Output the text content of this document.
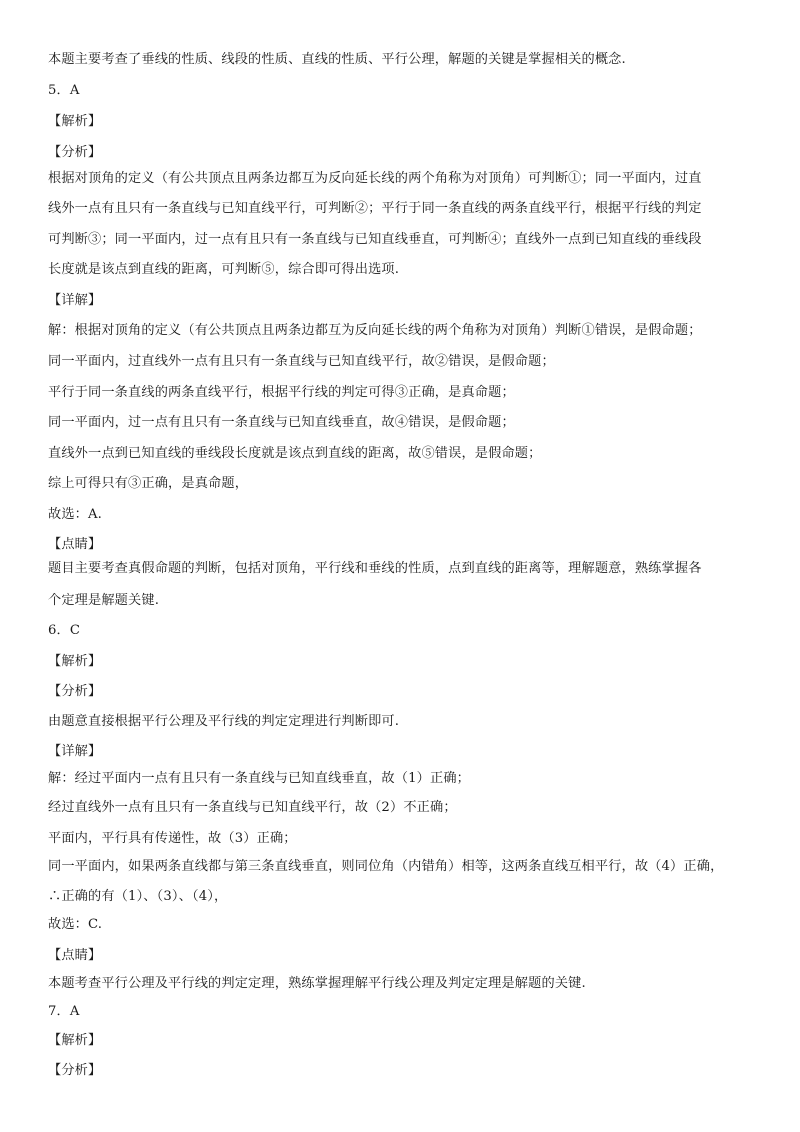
本题主要考查了垂线的性质、线段的性质、直线的性质、平行公理，解题的关键是掌握相关的概念.
5．A
【解析】
【分析】
根据对顶角的定义（有公共顶点且两条边都互为反向延长线的两个角称为对顶角）可判断①；同一平面内，过直
线外一点有且只有一条直线与已知直线平行，可判断②；平行于同一条直线的两条直线平行，根据平行线的判定
可判断③；同一平面内，过一点有且只有一条直线与已知直线垂直，可判断④；直线外一点到已知直线的垂线段
长度就是该点到直线的距离，可判断⑤，综合即可得出选项.
【详解】
解：根据对顶角的定义（有公共顶点且两条边都互为反向延长线的两个角称为对顶角）判断①错误，是假命题；
同一平面内，过直线外一点有且只有一条直线与已知直线平行，故②错误，是假命题；
平行于同一条直线的两条直线平行，根据平行线的判定可得③正确，是真命题；
同一平面内，过一点有且只有一条直线与已知直线垂直，故④错误，是假命题；
直线外一点到已知直线的垂线段长度就是该点到直线的距离，故⑤错误，是假命题；
综上可得只有③正确，是真命题，
故选：A.
【点睛】
题目主要考查真假命题的判断，包括对顶角，平行线和垂线的性质，点到直线的距离等，理解题意，熟练掌握各
个定理是解题关键.
6．C
【解析】
【分析】
由题意直接根据平行公理及平行线的判定定理进行判断即可.
【详解】
解：经过平面内一点有且只有一条直线与已知直线垂直，故（1）正确；
经过直线外一点有且只有一条直线与已知直线平行，故（2）不正确；
平面内，平行具有传递性，故（3）正确；
同一平面内，如果两条直线都与第三条直线垂直，则同位角（内错角）相等，这两条直线互相平行，故（4）正确，
∴正确的有（1）、（3）、（4），
故选：C.
【点睛】
本题考查平行公理及平行线的判定定理，熟练掌握理解平行线公理及判定定理是解题的关键.
7．A
【解析】
【分析】
